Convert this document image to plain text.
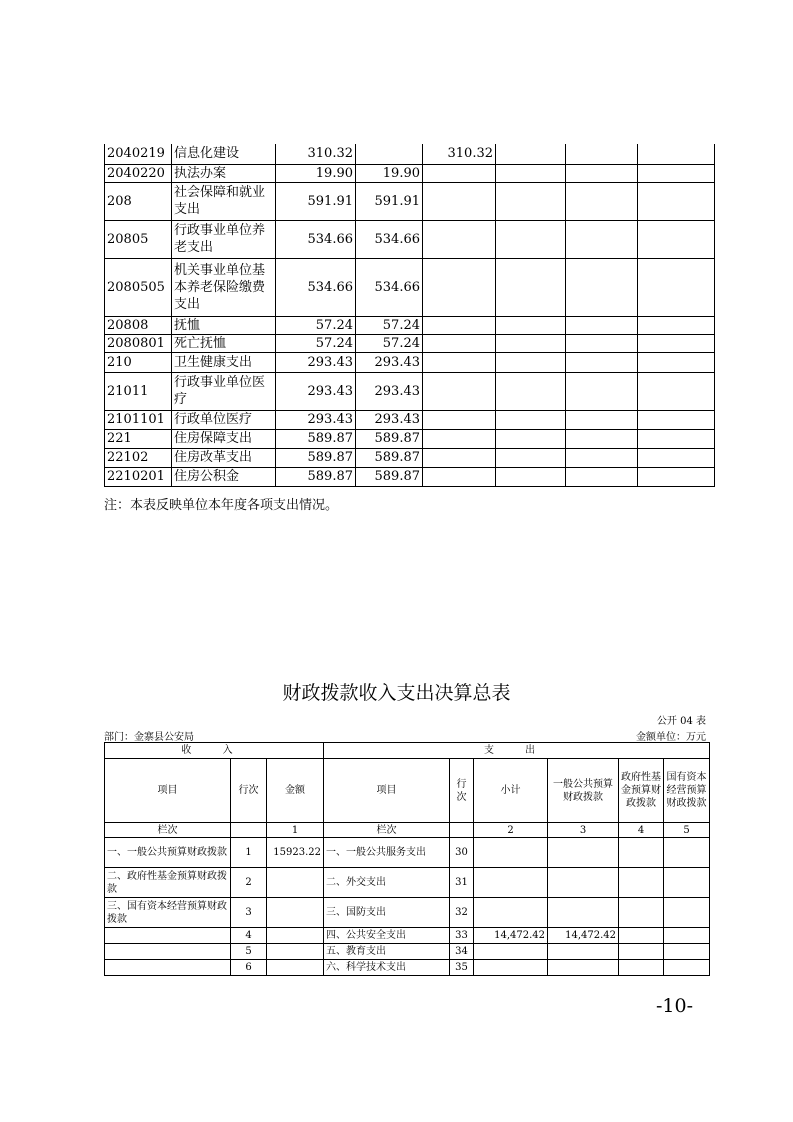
2040219	信息化建设	310.32		310.32				
2040220	执法办案	19.90	19.90					
208	社会保障和就业支出	591.91	591.91					
20805	行政事业单位养老支出	534.66	534.66					
2080505	机关事业单位基本养老保险缴费支出	534.66	534.66					
20808	抚恤	57.24	57.24					
2080801	死亡抚恤	57.24	57.24					
210	卫生健康支出	293.43	293.43					
21011	行政事业单位医疗	293.43	293.43					
2101101	行政单位医疗	293.43	293.43					
221	住房保障支出	589.87	589.87					
22102	住房改革支出	589.87	589.87					
2210201	住房公积金	589.87	589.87					
注：本表反映单位本年度各项支出情况。
财政拨款收入支出决算总表
公开 04 表
部门：金寨县公安局	金额单位：万元
收 入			支 出					
项目	行次	金额	项目	行次	小计	一般公共预算财政拨款	政府性基金预算财政拨款	国有资本经营预算财政拨款
栏次		1	栏次		2	3	4	5
一、一般公共预算财政拨款	1	15923.22	一、一般公共服务支出	30				
二、政府性基金预算财政拨款	2		二、外交支出	31				
三、国有资本经营预算财政拨款	3		三、国防支出	32				
	4		四、公共安全支出	33	14,472.42	14,472.42		
	5		五、教育支出	34				
	6		六、科学技术支出	35				
-10-
